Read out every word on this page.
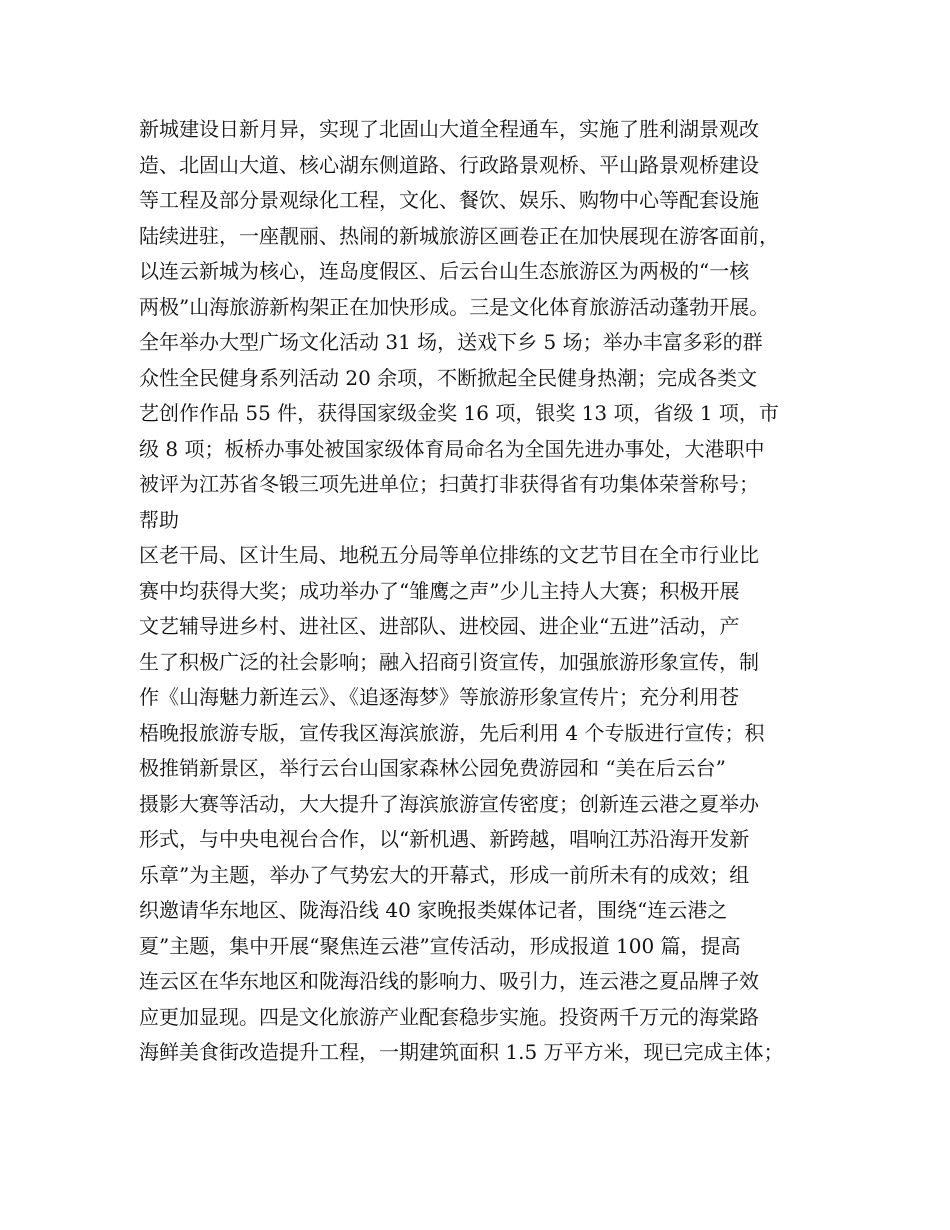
新城建设日新月异，实现了北固山大道全程通车，实施了胜利湖景观改
造、北固山大道、核心湖东侧道路、行政路景观桥、平山路景观桥建设
等工程及部分景观绿化工程，文化、餐饮、娱乐、购物中心等配套设施
陆续进驻，一座靓丽、热闹的新城旅游区画卷正在加快展现在游客面前，
以连云新城为核心，连岛度假区、后云台山生态旅游区为两极的“一核
两极”山海旅游新构架正在加快形成。三是文化体育旅游活动蓬勃开展。
全年举办大型广场文化活动 31 场，送戏下乡 5 场；举办丰富多彩的群
众性全民健身系列活动 20 余项，不断掀起全民健身热潮；完成各类文
艺创作作品 55 件，获得国家级金奖 16 项，银奖 13 项，省级 1 项，市
级 8 项；板桥办事处被国家级体育局命名为全国先进办事处，大港职中
被评为江苏省冬锻三项先进单位；扫黄打非获得省有功集体荣誉称号；
帮助
区老干局、区计生局、地税五分局等单位排练的文艺节目在全市行业比
赛中均获得大奖；成功举办了“雏鹰之声”少儿主持人大赛；积极开展
文艺辅导进乡村、进社区、进部队、进校园、进企业“五进”活动，产
生了积极广泛的社会影响；融入招商引资宣传，加强旅游形象宣传，制
作《山海魅力新连云》、《追逐海梦》等旅游形象宣传片；充分利用苍
梧晚报旅游专版，宣传我区海滨旅游，先后利用 4 个专版进行宣传；积
极推销新景区，举行云台山国家森林公园免费游园和 “美在后云台”
摄影大赛等活动，大大提升了海滨旅游宣传密度；创新连云港之夏举办
形式，与中央电视台合作，以“新机遇、新跨越，唱响江苏沿海开发新
乐章”为主题，举办了气势宏大的开幕式，形成一前所未有的成效；组
织邀请华东地区、陇海沿线 40 家晚报类媒体记者，围绕“连云港之
夏”主题，集中开展“聚焦连云港”宣传活动，形成报道 100 篇，提高
连云区在华东地区和陇海沿线的影响力、吸引力，连云港之夏品牌子效
应更加显现。四是文化旅游产业配套稳步实施。投资两千万元的海棠路
海鲜美食街改造提升工程，一期建筑面积 1.5 万平方米，现已完成主体；
